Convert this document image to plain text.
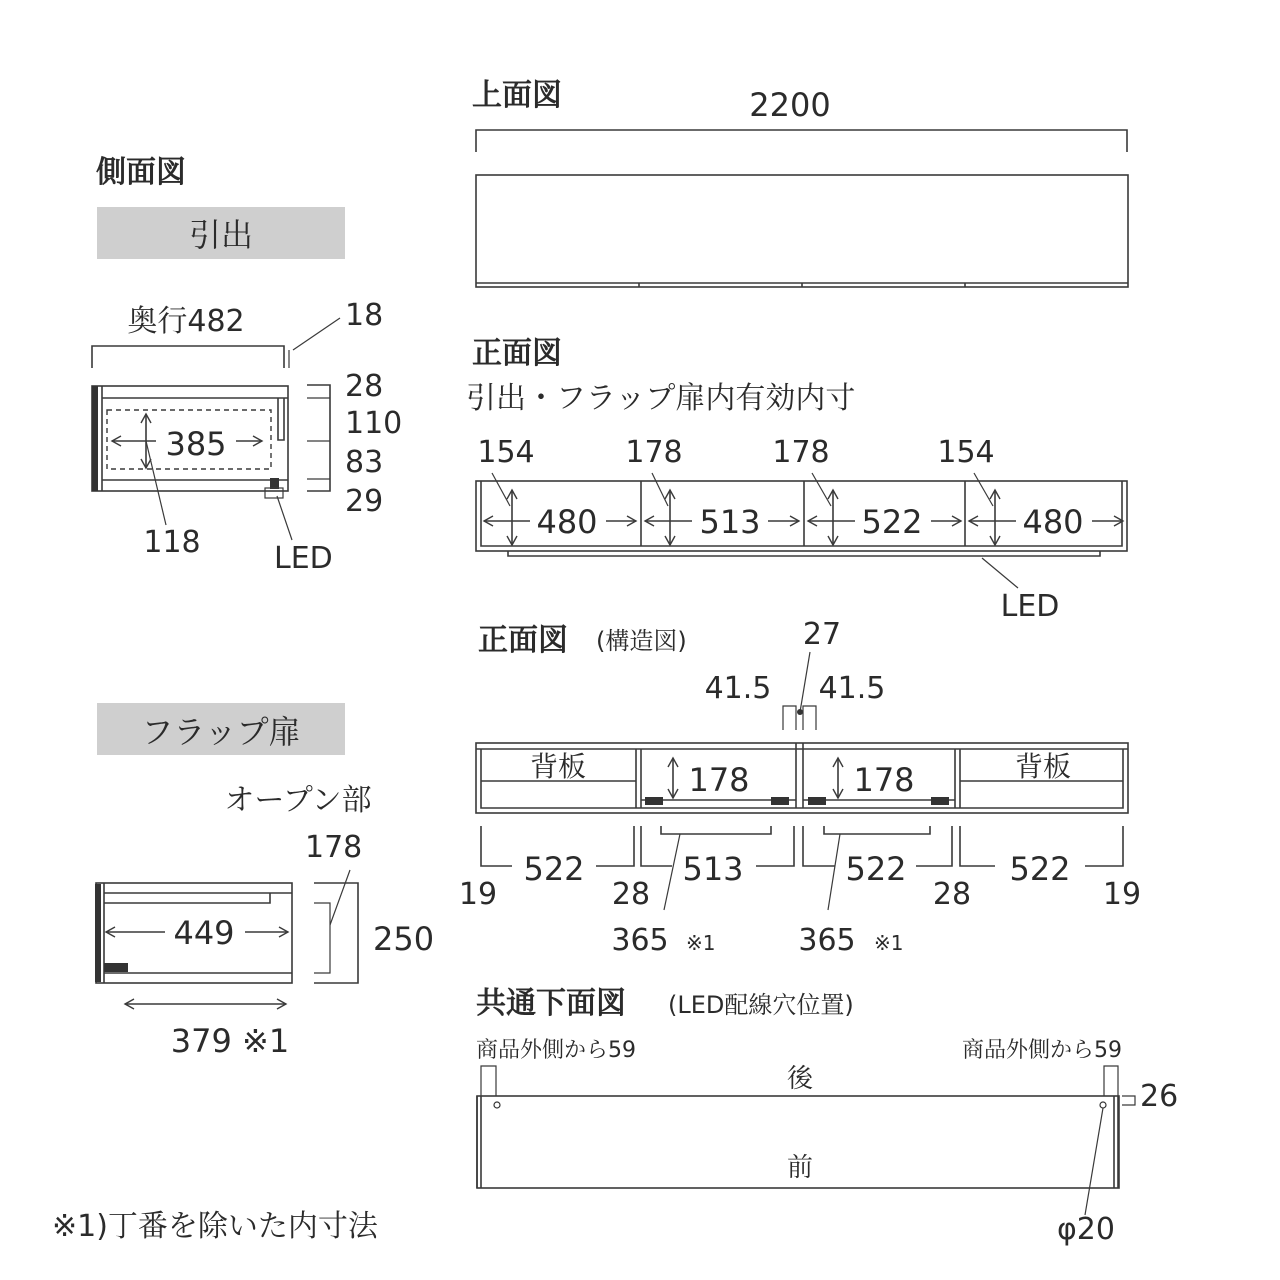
側面図
引出
奥行482	18
385
118
28
110
83
29
LED
フラップ扉
オープン部
178
250
449
379 ※1
※1)丁番を除いた内寸法
上面図	2200
正面図
引出・フラップ扉内有効内寸
154	178	178	154
480	513	522	480
LED
正面図 (構造図)	27
41.5 41.5
背板	背板
178	178
522	513	522	522
19	28	28	19
365 ※1	365 ※1
共通下面図 (LED配線穴位置)
商品外側から59	商品外側から59
後
前
26
φ20
